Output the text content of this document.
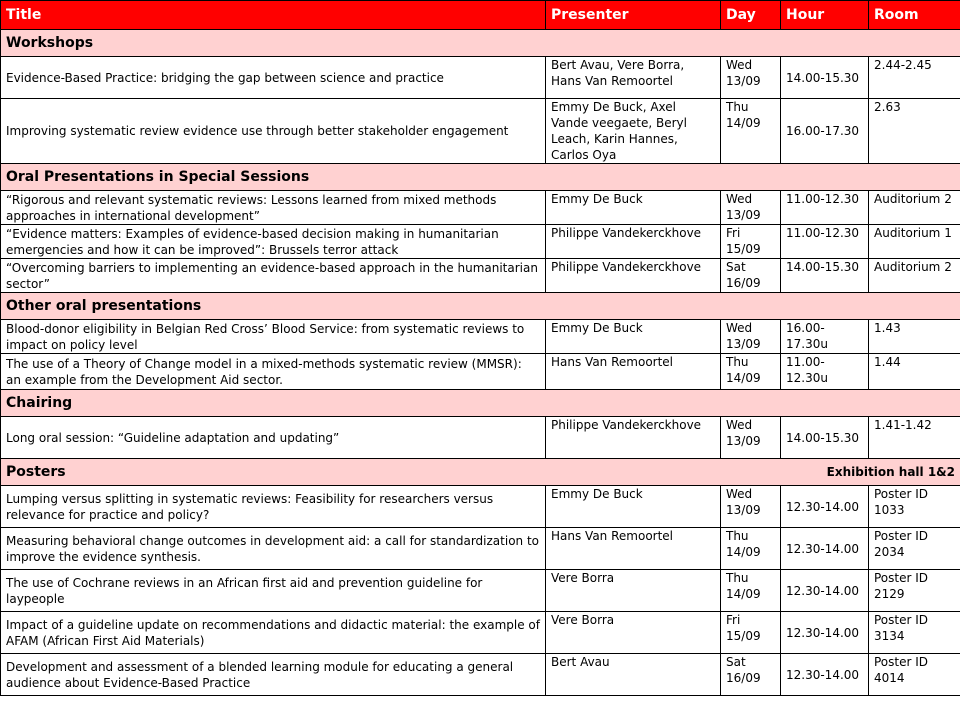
Title	Presenter	Day	Hour	Room
Workshops				
Evidence-Based Practice: bridging the gap between science and practice	Bert Avau, Vere Borra, Hans Van Remoortel	Wed 13/09	14.00-15.30	2.44-2.45
Improving systematic review evidence use through better stakeholder engagement	Emmy De Buck, Axel Vande veegaete, Beryl Leach, Karin Hannes, Carlos Oya	Thu 14/09	16.00-17.30	2.63
Oral Presentations in Special Sessions				
“Rigorous and relevant systematic reviews: Lessons learned from mixed methods approaches in international development”	Emmy De Buck	Wed 13/09	11.00-12.30	Auditorium 2
“Evidence matters: Examples of evidence-based decision making in humanitarian emergencies and how it can be improved”: Brussels terror attack	Philippe Vandekerckhove	Fri 15/09	11.00-12.30	Auditorium 1
“Overcoming barriers to implementing an evidence-based approach in the humanitarian sector”	Philippe Vandekerckhove	Sat 16/09	14.00-15.30	Auditorium 2
Other oral presentations				
Blood-donor eligibility in Belgian Red Cross’ Blood Service: from systematic reviews to impact on policy level	Emmy De Buck	Wed 13/09	16.00-17.30u	1.43
The use of a Theory of Change model in a mixed-methods systematic review (MMSR): an example from the Development Aid sector.	Hans Van Remoortel	Thu 14/09	11.00-12.30u	1.44
Chairing				
Long oral session: “Guideline adaptation and updating”	Philippe Vandekerckhove	Wed 13/09	14.00-15.30	1.41-1.42
Posters			Exhibition hall 1&2	
Lumping versus splitting in systematic reviews: Feasibility for researchers versus relevance for practice and policy?	Emmy De Buck	Wed 13/09	12.30-14.00	Poster ID 1033
Measuring behavioral change outcomes in development aid: a call for standardization to improve the evidence synthesis.	Hans Van Remoortel	Thu 14/09	12.30-14.00	Poster ID 2034
The use of Cochrane reviews in an African first aid and prevention guideline for laypeople	Vere Borra	Thu 14/09	12.30-14.00	Poster ID 2129
Impact of a guideline update on recommendations and didactic material: the example of AFAM (African First Aid Materials)	Vere Borra	Fri 15/09	12.30-14.00	Poster ID 3134
Development and assessment of a blended learning module for educating a general audience about Evidence-Based Practice	Bert Avau	Sat 16/09	12.30-14.00	Poster ID 4014
